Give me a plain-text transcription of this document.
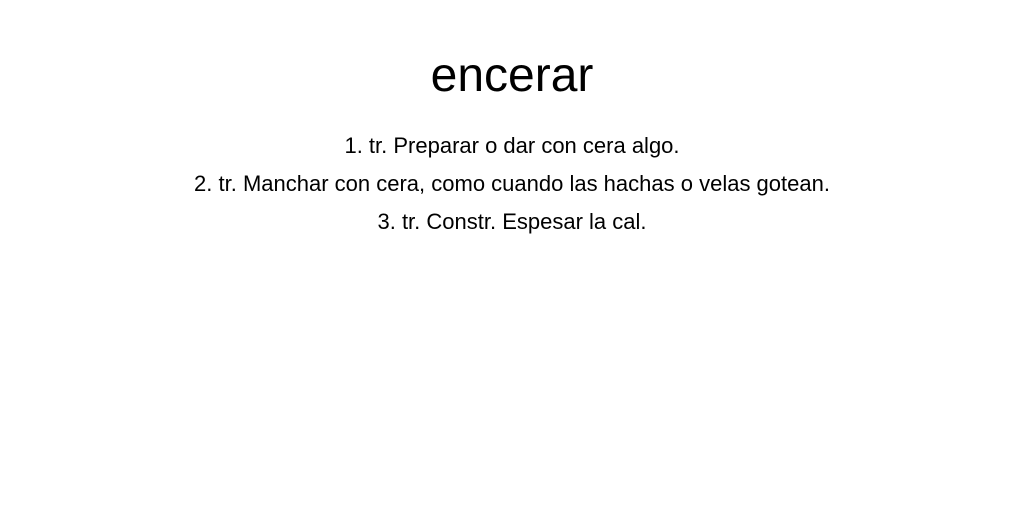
encerar
1. tr. Preparar o dar con cera algo.
2. tr. Manchar con cera, como cuando las hachas o velas gotean.
3. tr. Constr. Espesar la cal.
